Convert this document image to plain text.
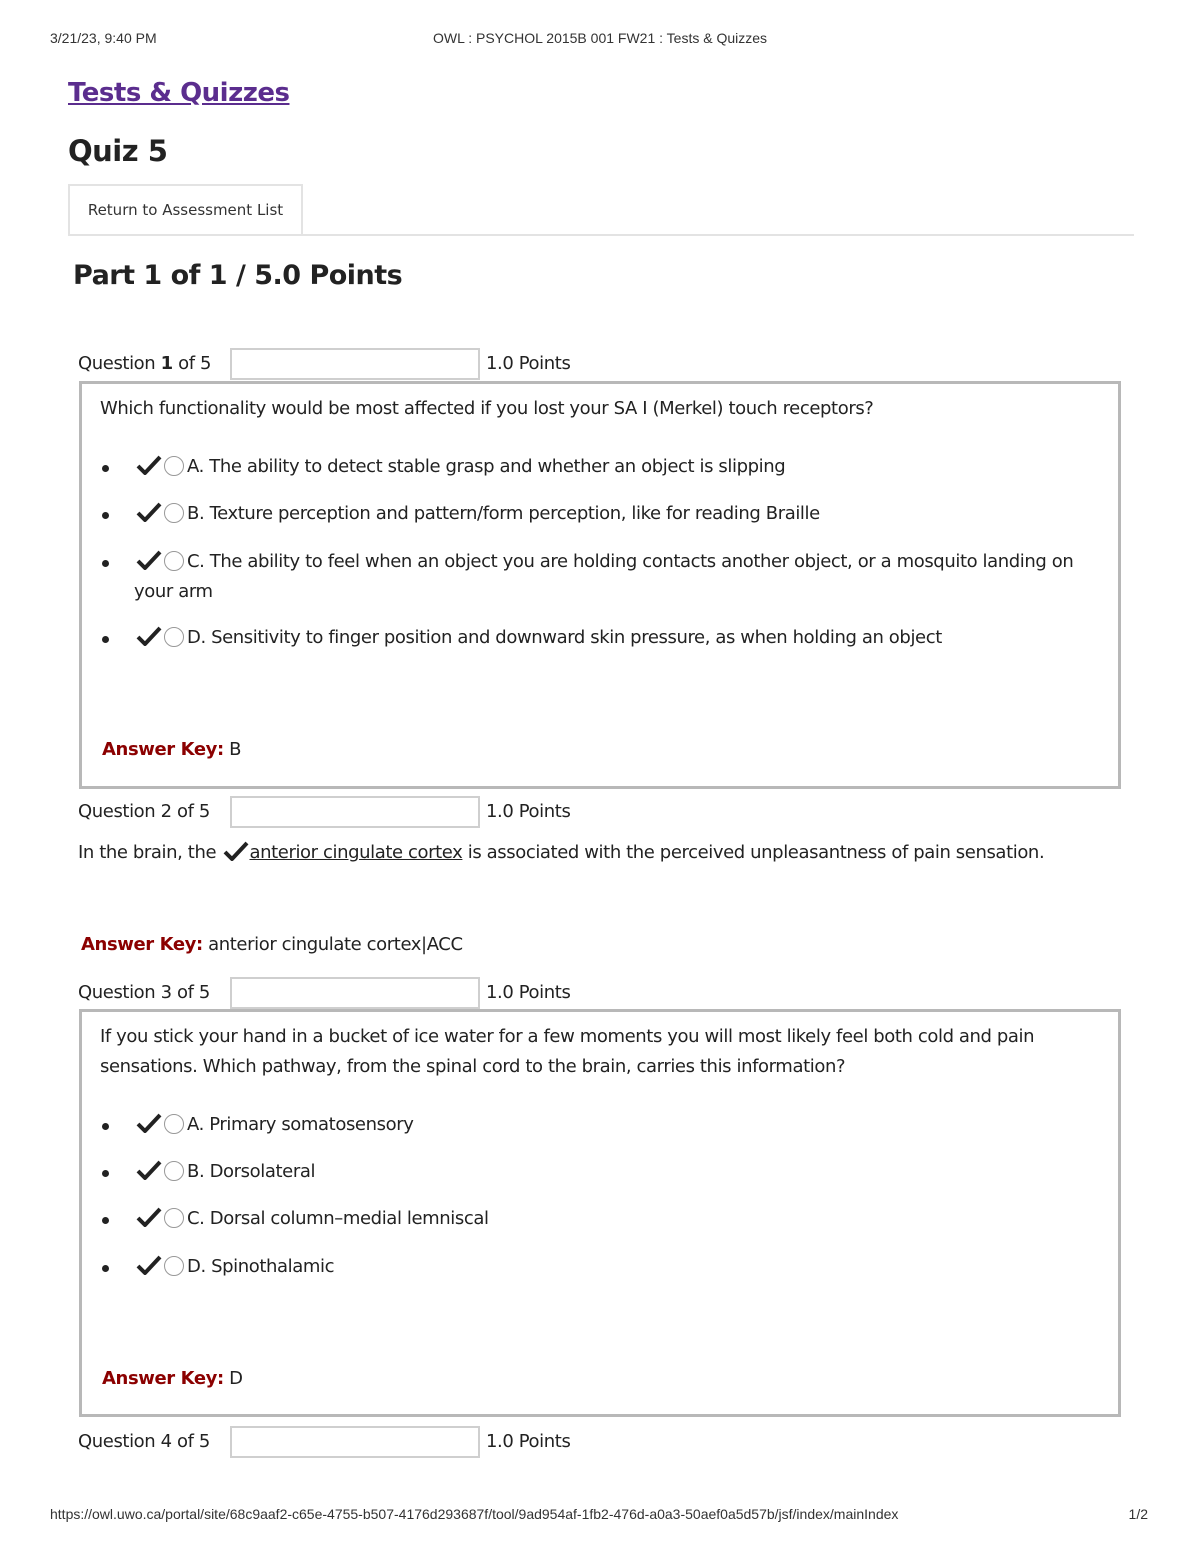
3/21/23, 9:40 PM	OWL : PSYCHOL 2015B 001 FW21 : Tests & Quizzes
Tests & Quizzes
Quiz 5
Return to Assessment List
Part 1 of 1 / 5.0 Points
Question 1 of 5	1.0 Points
Which functionality would be most affected if you lost your SA I (Merkel) touch receptors?
A. The ability to detect stable grasp and whether an object is slipping
B. Texture perception and pattern/form perception, like for reading Braille
C. The ability to feel when an object you are holding contacts another object, or a mosquito landing on your arm
D. Sensitivity to finger position and downward skin pressure, as when holding an object
Answer Key: B
Question 2 of 5	1.0 Points
In the brain, the anterior cingulate cortex is associated with the perceived unpleasantness of pain sensation.
Answer Key: anterior cingulate cortex|ACC
Question 3 of 5	1.0 Points
If you stick your hand in a bucket of ice water for a few moments you will most likely feel both cold and pain sensations. Which pathway, from the spinal cord to the brain, carries this information?
A. Primary somatosensory
B. Dorsolateral
C. Dorsal column–medial lemniscal
D. Spinothalamic
Answer Key: D
Question 4 of 5	1.0 Points
https://owl.uwo.ca/portal/site/68c9aaf2-c65e-4755-b507-4176d293687f/tool/9ad954af-1fb2-476d-a0a3-50aef0a5d57b/jsf/index/mainIndex	1/2
